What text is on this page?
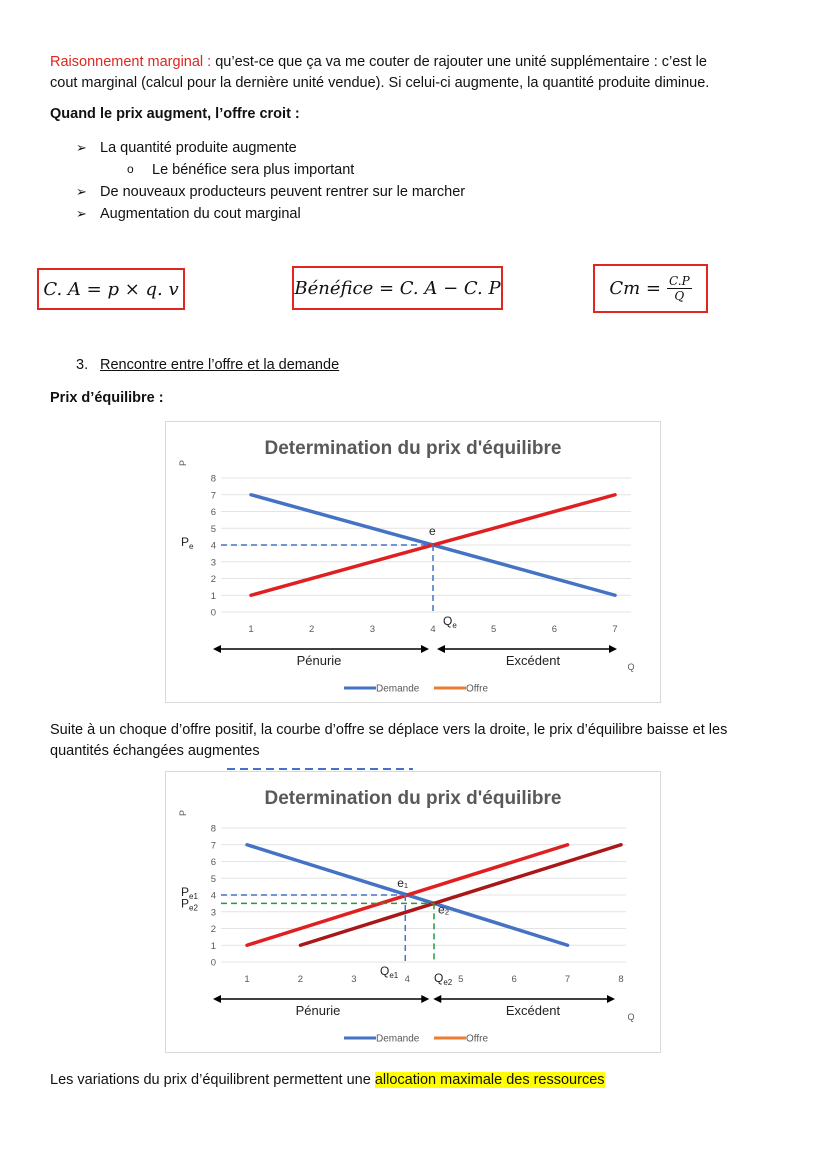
Raisonnement marginal : qu’est-ce que ça va me couter de rajouter une unité supplémentaire : c’est le
cout marginal (calcul pour la dernière unité vendue). Si celui-ci augmente, la quantité produite diminue.
Quand le prix augment, l’offre croit :
➢ La quantité produite augmente
o Le bénéfice sera plus important
➢ De nouveaux producteurs peuvent rentrer sur le marcher
➢ Augmentation du cout marginal
C. A = p × q. v	Bénéfice = C. A − C. P	$Cm = \frac{C.P}{Q}$
3. Rencontre entre l’offre et la demande
Prix d’équilibre :
Determination du prix d'équilibre
0
1
2
3
4
5
6
7
8
1	2	3	4	5	6	7
P
Q
Demande	Offre
e
$P_e$
$Q_e$
Pénurie	Excédent
Suite à un choque d’offre positif, la courbe d’offre se déplace vers la droite, le prix d’équilibre baisse et les quantités échangées augmentes
Determination du prix d'équilibre
0
1
2
3
4
5
6
7
8
1	2	3	4	5	6	7	8
P
Q
Demande	Offre
e₁
e₂
$P_{e1}$
$P_{e2}$
$Q_{e1}$	$Q_{e2}$
Pénurie	Excédent
Les variations du prix d’équilibrent permettent une allocation maximale des ressources
